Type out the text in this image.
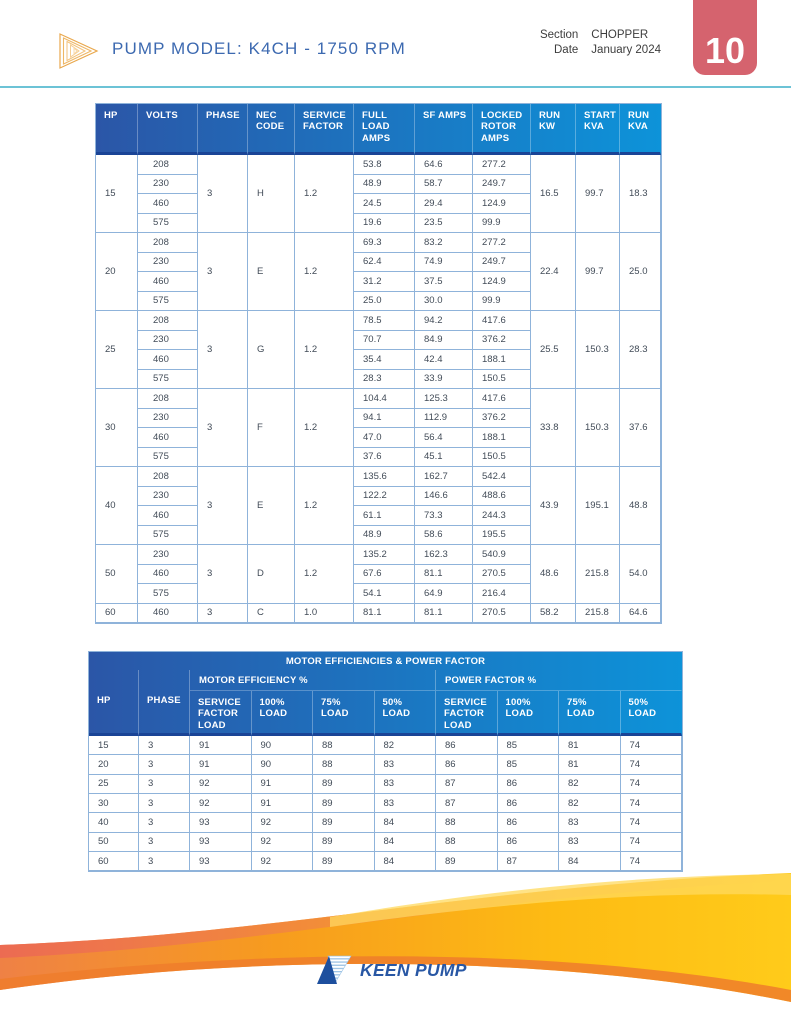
PUMP MODEL: K4CH - 1750 RPM
Section CHOPPER
Date January 2024	10
HP	VOLTS	PHASE	NEC CODE	SERVICE FACTOR	FULL LOAD AMPS	SF AMPS	LOCKED ROTOR AMPS	RUN KW	START KVA	RUN KVA
15	208	3	H	1.2	53.8	64.6	277.2	16.5	99.7	18.3
	230				48.9	58.7	249.7			
	460				24.5	29.4	124.9			
	575				19.6	23.5	99.9			
20	208	3	E	1.2	69.3	83.2	277.2	22.4	99.7	25.0
	230				62.4	74.9	249.7			
	460				31.2	37.5	124.9			
	575				25.0	30.0	99.9			
25	208	3	G	1.2	78.5	94.2	417.6	25.5	150.3	28.3
	230				70.7	84.9	376.2			
	460				35.4	42.4	188.1			
	575				28.3	33.9	150.5			
30	208	3	F	1.2	104.4	125.3	417.6	33.8	150.3	37.6
	230				94.1	112.9	376.2			
	460				47.0	56.4	188.1			
	575				37.6	45.1	150.5			
40	208	3	E	1.2	135.6	162.7	542.4	43.9	195.1	48.8
	230				122.2	146.6	488.6			
	460				61.1	73.3	244.3			
	575				48.9	58.6	195.5			
50	230	3	D	1.2	135.2	162.3	540.9	48.6	215.8	54.0
	460				67.6	81.1	270.5			
	575				54.1	64.9	216.4			
60	460	3	C	1.0	81.1	81.1	270.5	58.2	215.8	64.6
MOTOR EFFICIENCIES & POWER FACTOR									
HP	PHASE	MOTOR EFFICIENCY %				POWER FACTOR %			
		SERVICE FACTOR LOAD	100% LOAD	75% LOAD	50% LOAD	SERVICE FACTOR LOAD	100% LOAD	75% LOAD	50% LOAD
15	3	91	90	88	82	86	85	81	74
20	3	91	90	88	83	86	85	81	74
25	3	92	91	89	83	87	86	82	74
30	3	92	91	89	83	87	86	82	74
40	3	93	92	89	84	88	86	83	74
50	3	93	92	89	84	88	86	83	74
60	3	93	92	89	84	89	87	84	74
KEEN PUMP
